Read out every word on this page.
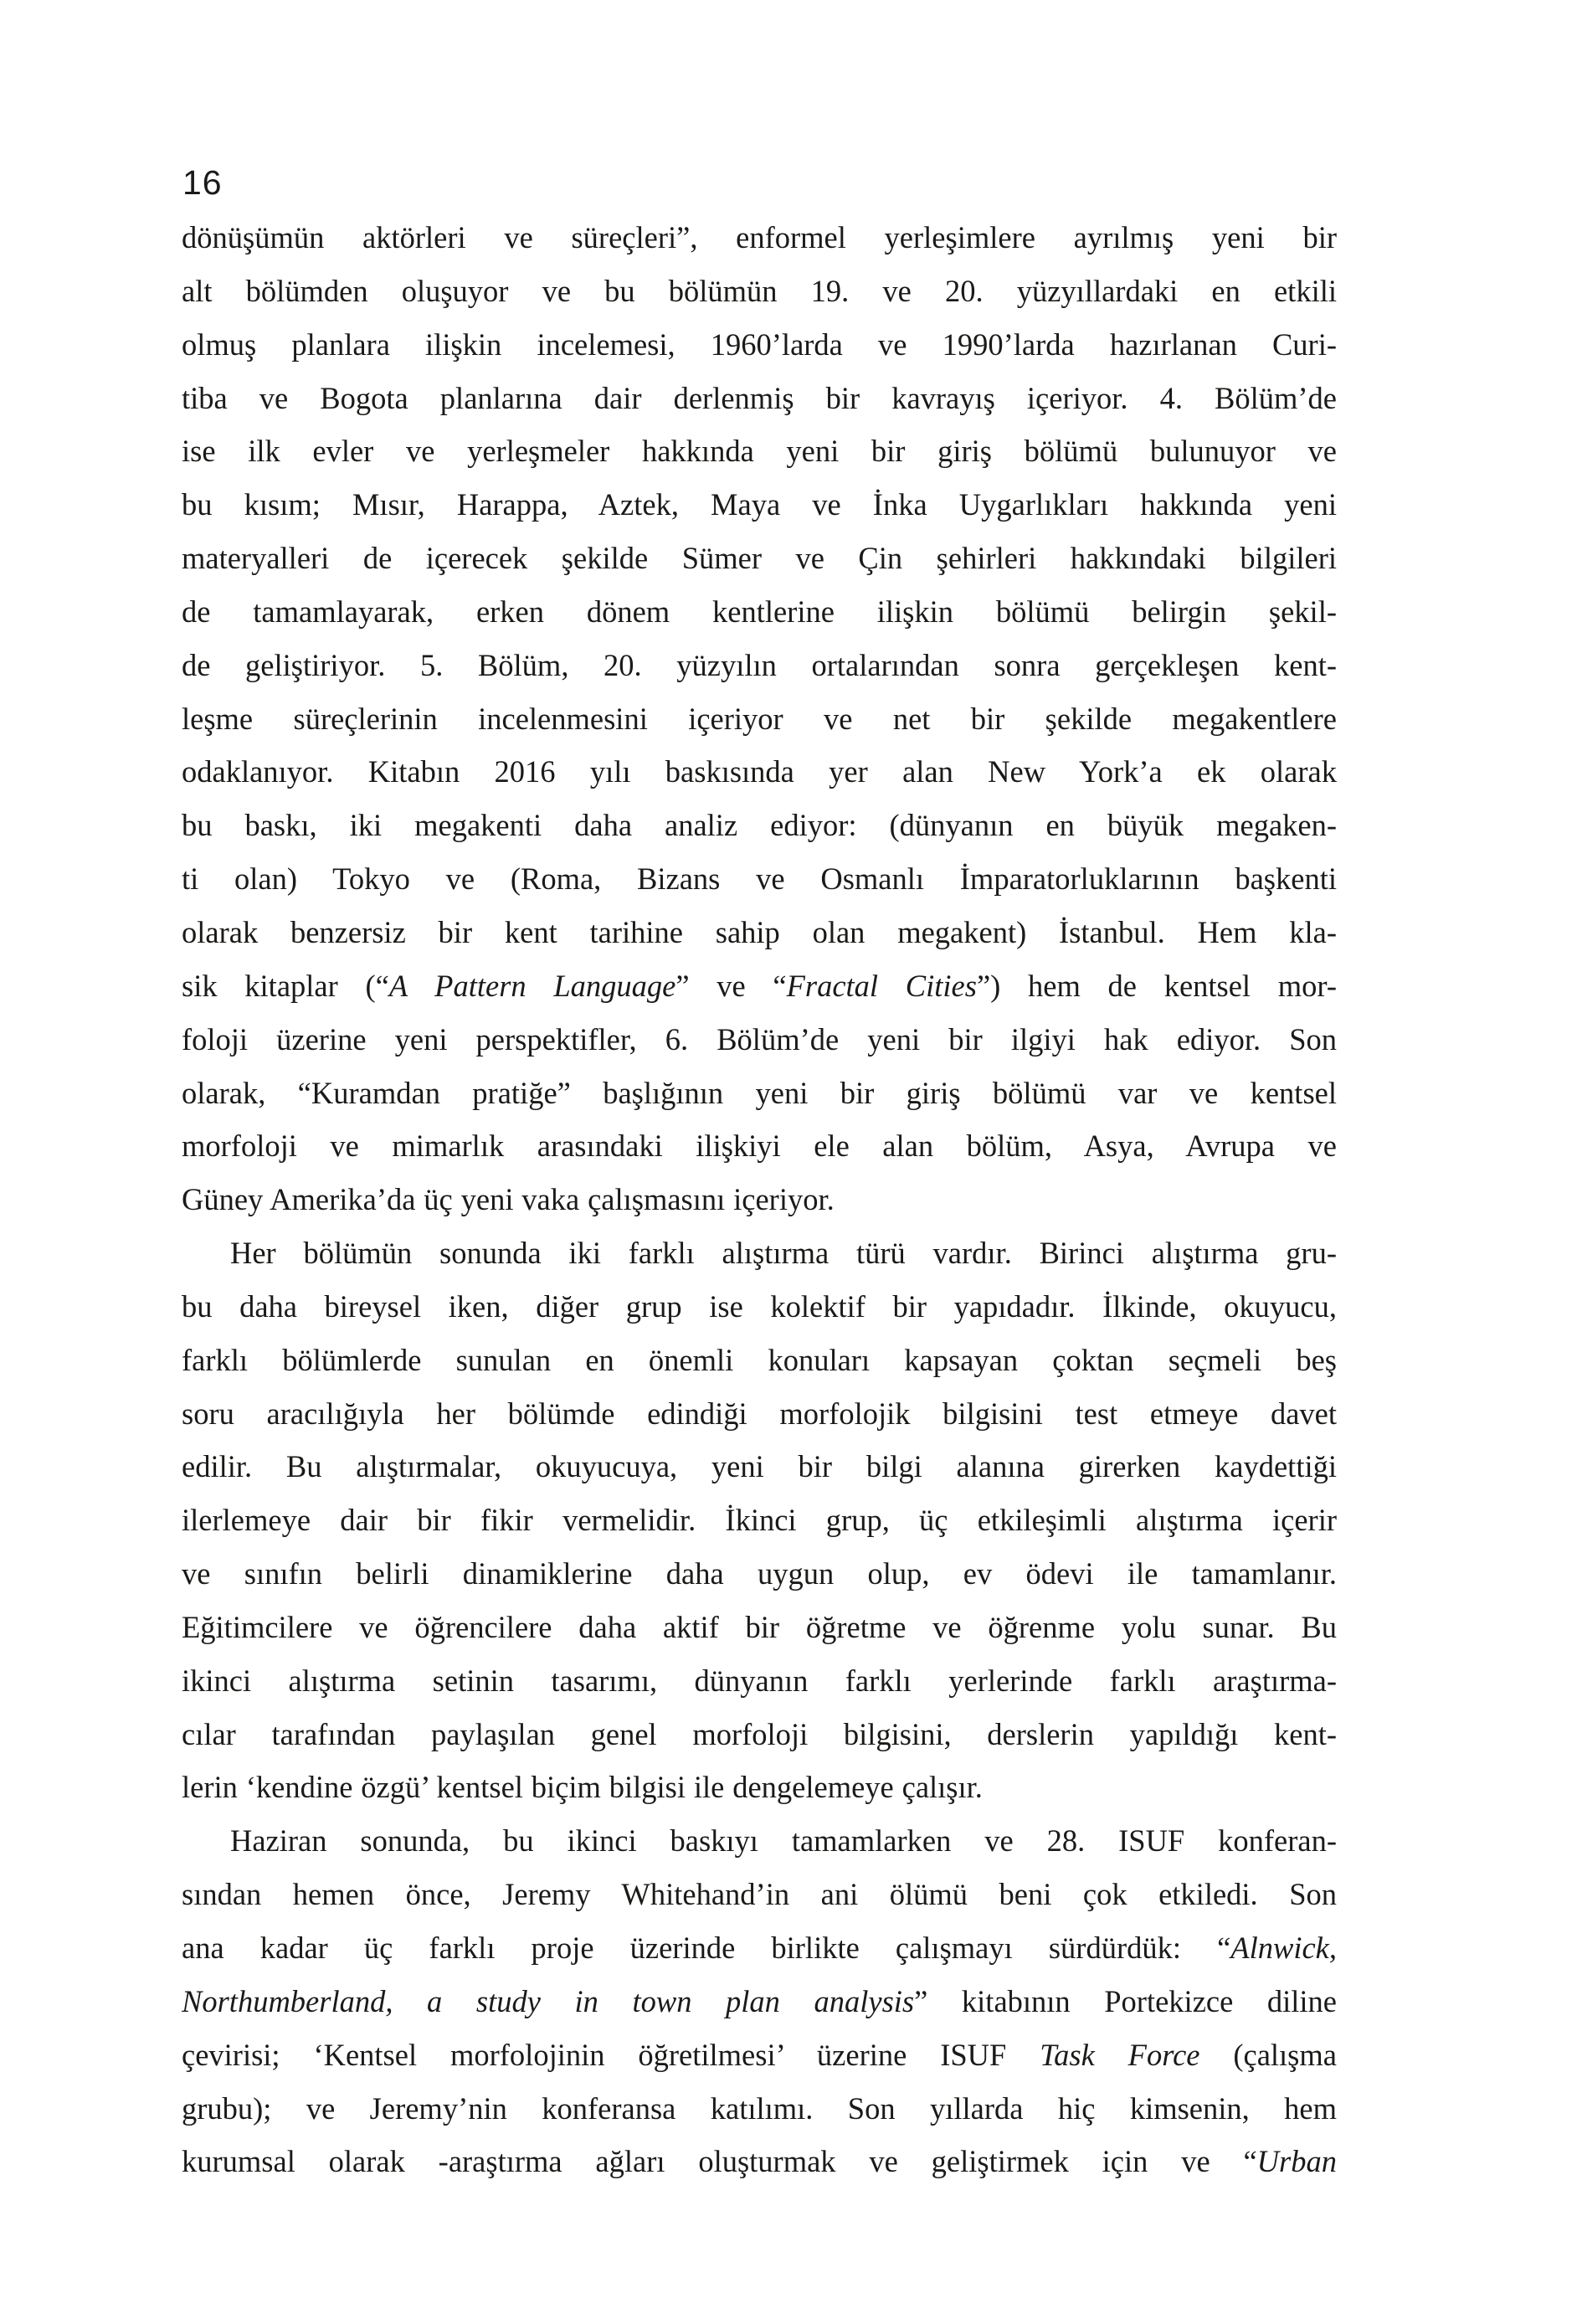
16
dönüşümün aktörleri ve süreçleri”, enformel yerleşimlere ayrılmış yeni bir
alt bölümden oluşuyor ve bu bölümün 19. ve 20. yüzyıllardaki en etkili
olmuş planlara ilişkin incelemesi, 1960’larda ve 1990’larda hazırlanan Curi-
tiba ve Bogota planlarına dair derlenmiş bir kavrayış içeriyor. 4. Bölüm’de
ise ilk evler ve yerleşmeler hakkında yeni bir giriş bölümü bulunuyor ve
bu kısım; Mısır, Harappa, Aztek, Maya ve İnka Uygarlıkları hakkında yeni
materyalleri de içerecek şekilde Sümer ve Çin şehirleri hakkındaki bilgileri
de tamamlayarak, erken dönem kentlerine ilişkin bölümü belirgin şekil-
de geliştiriyor. 5. Bölüm, 20. yüzyılın ortalarından sonra gerçekleşen kent-
leşme süreçlerinin incelenmesini içeriyor ve net bir şekilde megakentlere
odaklanıyor. Kitabın 2016 yılı baskısında yer alan New York’a ek olarak
bu baskı, iki megakenti daha analiz ediyor: (dünyanın en büyük megaken-
ti olan) Tokyo ve (Roma, Bizans ve Osmanlı İmparatorluklarının başkenti
olarak benzersiz bir kent tarihine sahip olan megakent) İstanbul. Hem kla-
sik kitaplar (“A Pattern Language” ve “Fractal Cities”) hem de kentsel mor-
foloji üzerine yeni perspektifler, 6. Bölüm’de yeni bir ilgiyi hak ediyor. Son
olarak, “Kuramdan pratiğe” başlığının yeni bir giriş bölümü var ve kentsel
morfoloji ve mimarlık arasındaki ilişkiyi ele alan bölüm, Asya, Avrupa ve
Güney Amerika’da üç yeni vaka çalışmasını içeriyor.
Her bölümün sonunda iki farklı alıştırma türü vardır. Birinci alıştırma gru-
bu daha bireysel iken, diğer grup ise kolektif bir yapıdadır. İlkinde, okuyucu,
farklı bölümlerde sunulan en önemli konuları kapsayan çoktan seçmeli beş
soru aracılığıyla her bölümde edindiği morfolojik bilgisini test etmeye davet
edilir. Bu alıştırmalar, okuyucuya, yeni bir bilgi alanına girerken kaydettiği
ilerlemeye dair bir fikir vermelidir. İkinci grup, üç etkileşimli alıştırma içerir
ve sınıfın belirli dinamiklerine daha uygun olup, ev ödevi ile tamamlanır.
Eğitimcilere ve öğrencilere daha aktif bir öğretme ve öğrenme yolu sunar. Bu
ikinci alıştırma setinin tasarımı, dünyanın farklı yerlerinde farklı araştırma-
cılar tarafından paylaşılan genel morfoloji bilgisini, derslerin yapıldığı kent-
lerin ‘kendine özgü’ kentsel biçim bilgisi ile dengelemeye çalışır.
Haziran sonunda, bu ikinci baskıyı tamamlarken ve 28. ISUF konferan-
sından hemen önce, Jeremy Whitehand’in ani ölümü beni çok etkiledi. Son
ana kadar üç farklı proje üzerinde birlikte çalışmayı sürdürdük: “Alnwick,
Northumberland, a study in town plan analysis” kitabının Portekizce diline
çevirisi; ‘Kentsel morfolojinin öğretilmesi’ üzerine ISUF Task Force (çalışma
grubu); ve Jeremy’nin konferansa katılımı. Son yıllarda hiç kimsenin, hem
kurumsal olarak -araştırma ağları oluşturmak ve geliştirmek için ve “Urban
